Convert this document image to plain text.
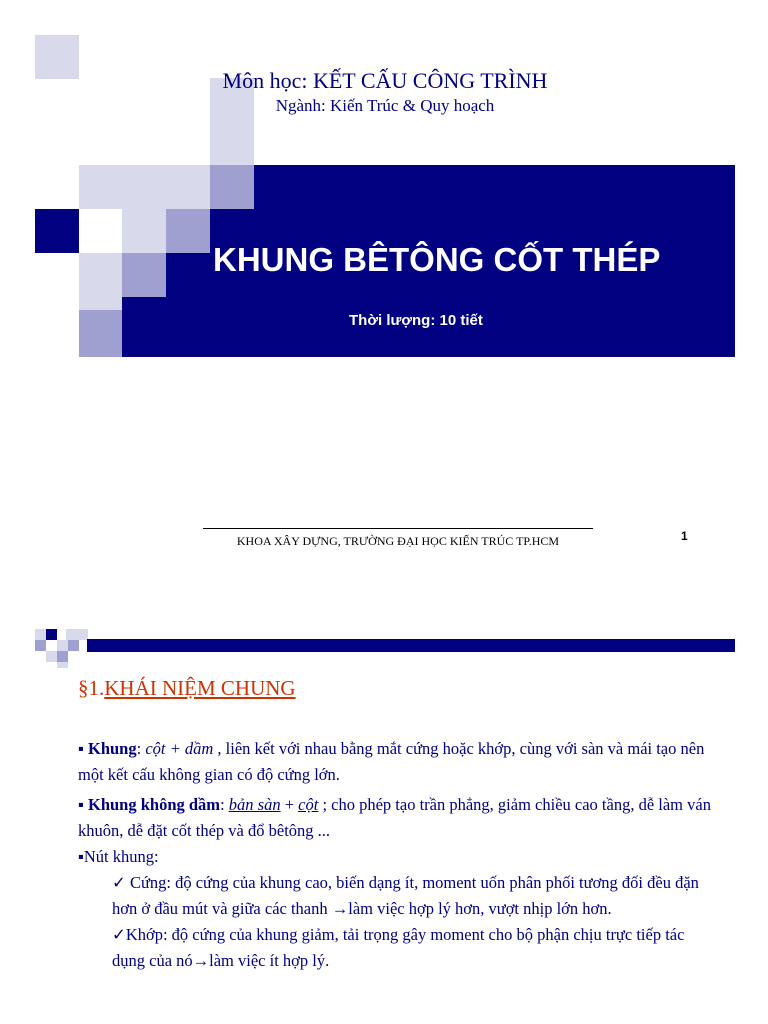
Môn học: KẾT CẤU CÔNG TRÌNH
Ngành: Kiến Trúc & Quy hoạch
KHUNG BÊTÔNG CỐT THÉP
Thời lượng: 10 tiết
KHOA XÂY DỰNG, TRƯỜNG ĐẠI HỌC KIẾN TRÚC TP.HCM	1
§1.KHÁI NIỆM CHUNG

▪ Khung: cột + dầm , liên kết với nhau bằng mắt cứng hoặc khớp, cùng với sàn và mái tạo nên một kết cấu không gian có độ cứng lớn.

▪ Khung không dầm: bản sàn + cột ; cho phép tạo trần phẳng, giảm chiều cao tầng, dễ làm ván khuôn, dễ đặt cốt thép và đổ bêtông ...

▪Nút khung:

✓ Cứng: độ cứng của khung cao, biến dạng ít, moment uốn phân phối tương đối đều đặn hơn ở đầu mút và giữa các thanh →làm việc hợp lý hơn, vượt nhịp lớn hơn.

✓Khớp: độ cứng của khung giảm, tải trọng gây moment cho bộ phận chịu trực tiếp tác dụng của nó→làm việc ít hợp lý.
